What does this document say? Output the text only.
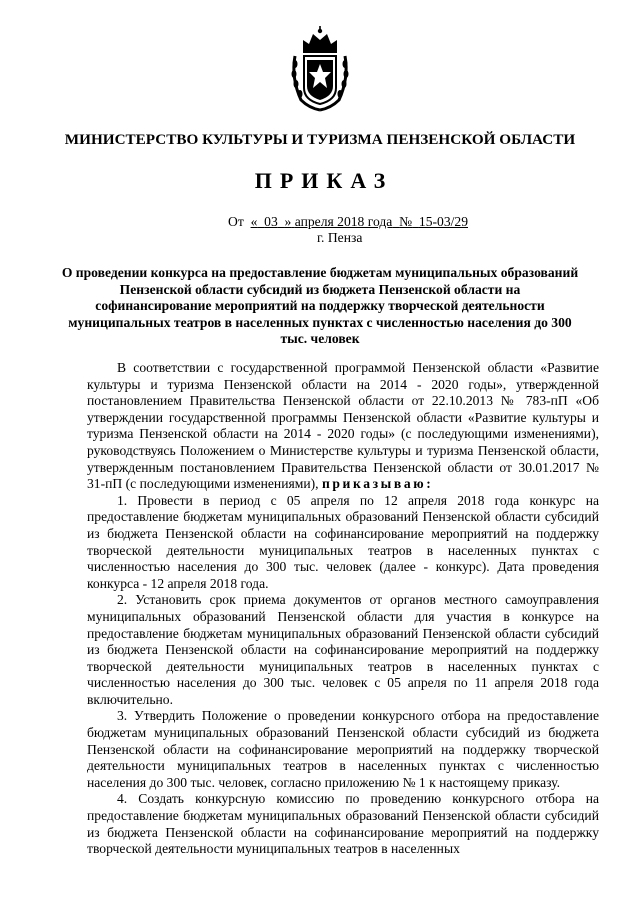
МИНИСТЕРСТВО КУЛЬТУРЫ И ТУРИЗМА ПЕНЗЕНСКОЙ ОБЛАСТИ
ПРИКАЗ
От « 03 » апреля 2018 года № 15-03/29
г. Пенза
О проведении конкурса на предоставление бюджетам муниципальных образований Пензенской области субсидий из бюджета Пензенской области на софинансирование мероприятий на поддержку творческой деятельности муниципальных театров в населенных пунктах с численностью населения до 300 тыс. человек

В соответствии с государственной программой Пензенской области «Развитие культуры и туризма Пензенской области на 2014 - 2020 годы», утвержденной постановлением Правительства Пензенской области от 22.10.2013 № 783-пП «Об утверждении государственной программы Пензенской области «Развитие культуры и туризма Пензенской области на 2014 - 2020 годы» (с последующими изменениями), руководствуясь Положением о Министерстве культуры и туризма Пензенской области, утвержденным постановлением Правительства Пензенской области от 30.01.2017 № 31-пП (с последующими изменениями), приказываю:

1. Провести в период с 05 апреля по 12 апреля 2018 года конкурс на предоставление бюджетам муниципальных образований Пензенской области субсидий из бюджета Пензенской области на софинансирование мероприятий на поддержку творческой деятельности муниципальных театров в населенных пунктах с численностью населения до 300 тыс. человек (далее - конкурс). Дата проведения конкурса - 12 апреля 2018 года.

2. Установить срок приема документов от органов местного самоуправления муниципальных образований Пензенской области для участия в конкурсе на предоставление бюджетам муниципальных образований Пензенской области субсидий из бюджета Пензенской области на софинансирование мероприятий на поддержку творческой деятельности муниципальных театров в населенных пунктах с численностью населения до 300 тыс. человек с 05 апреля по 11 апреля 2018 года включительно.

3. Утвердить Положение о проведении конкурсного отбора на предоставление бюджетам муниципальных образований Пензенской области субсидий из бюджета Пензенской области на софинансирование мероприятий на поддержку творческой деятельности муниципальных театров в населенных пунктах с численностью населения до 300 тыс. человек, согласно приложению № 1 к настоящему приказу.

4. Создать конкурсную комиссию по проведению конкурсного отбора на предоставление бюджетам муниципальных образований Пензенской области субсидий из бюджета Пензенской области на софинансирование мероприятий на поддержку творческой деятельности муниципальных театров в населенных
